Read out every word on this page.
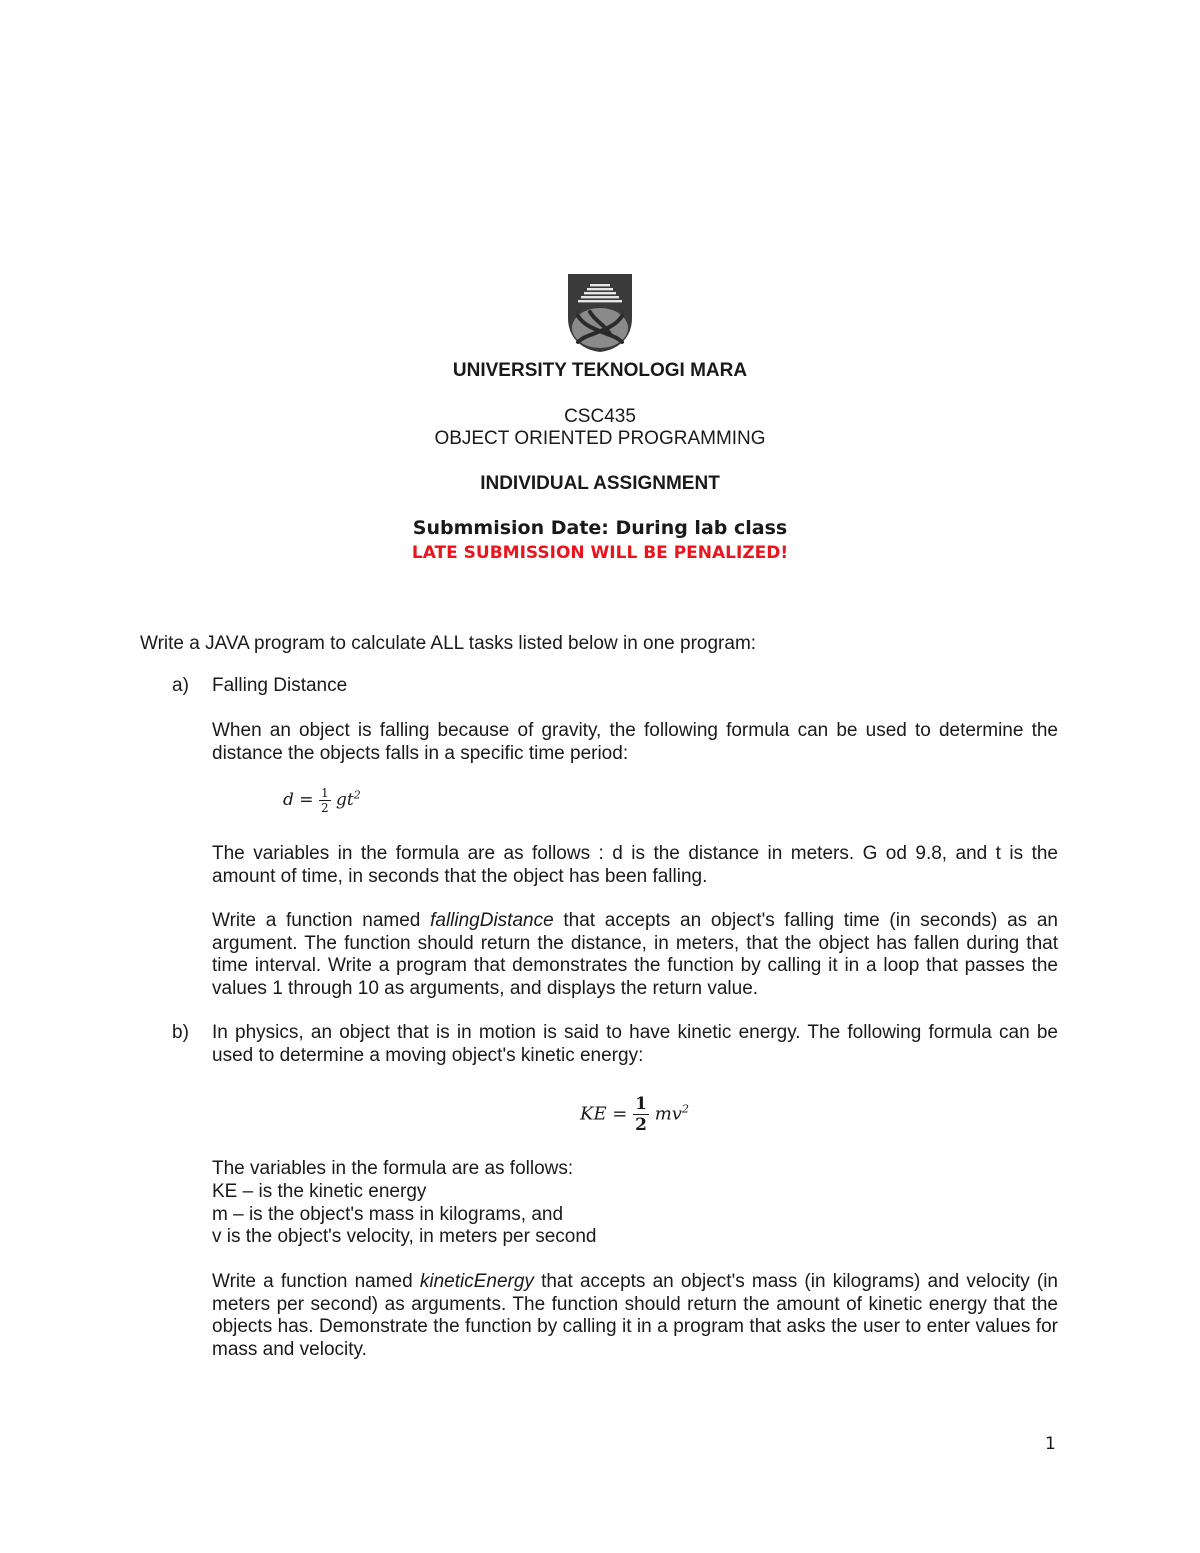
UNIVERSITY TEKNOLOGI MARA
CSC435
OBJECT ORIENTED PROGRAMMING
INDIVIDUAL ASSIGNMENT
Submmision Date: During lab class
LATE SUBMISSION WILL BE PENALIZED!
Write a JAVA program to calculate ALL tasks listed below in one program:
a) Falling Distance
When an object is falling because of gravity, the following formula can be used to determine the distance the objects falls in a specific time period:
$d = \frac{1}{2} gt^2$
The variables in the formula are as follows : d is the distance in meters. G od 9.8, and t is the amount of time, in seconds that the object has been falling.
Write a function named fallingDistance that accepts an object's falling time (in seconds) as an argument. The function should return the distance, in meters, that the object has fallen during that time interval. Write a program that demonstrates the function by calling it in a loop that passes the values 1 through 10 as arguments, and displays the return value.
b) In physics, an object that is in motion is said to have kinetic energy. The following formula can be used to determine a moving object's kinetic energy:
KE = $\frac{1}{2} mv^2$
The variables in the formula are as follows:
KE – is the kinetic energy
m – is the object's mass in kilograms, and
v is the object's velocity, in meters per second
Write a function named kineticEnergy that accepts an object's mass (in kilograms) and velocity (in meters per second) as arguments. The function should return the amount of kinetic energy that the objects has. Demonstrate the function by calling it in a program that asks the user to enter values for mass and velocity.
1
